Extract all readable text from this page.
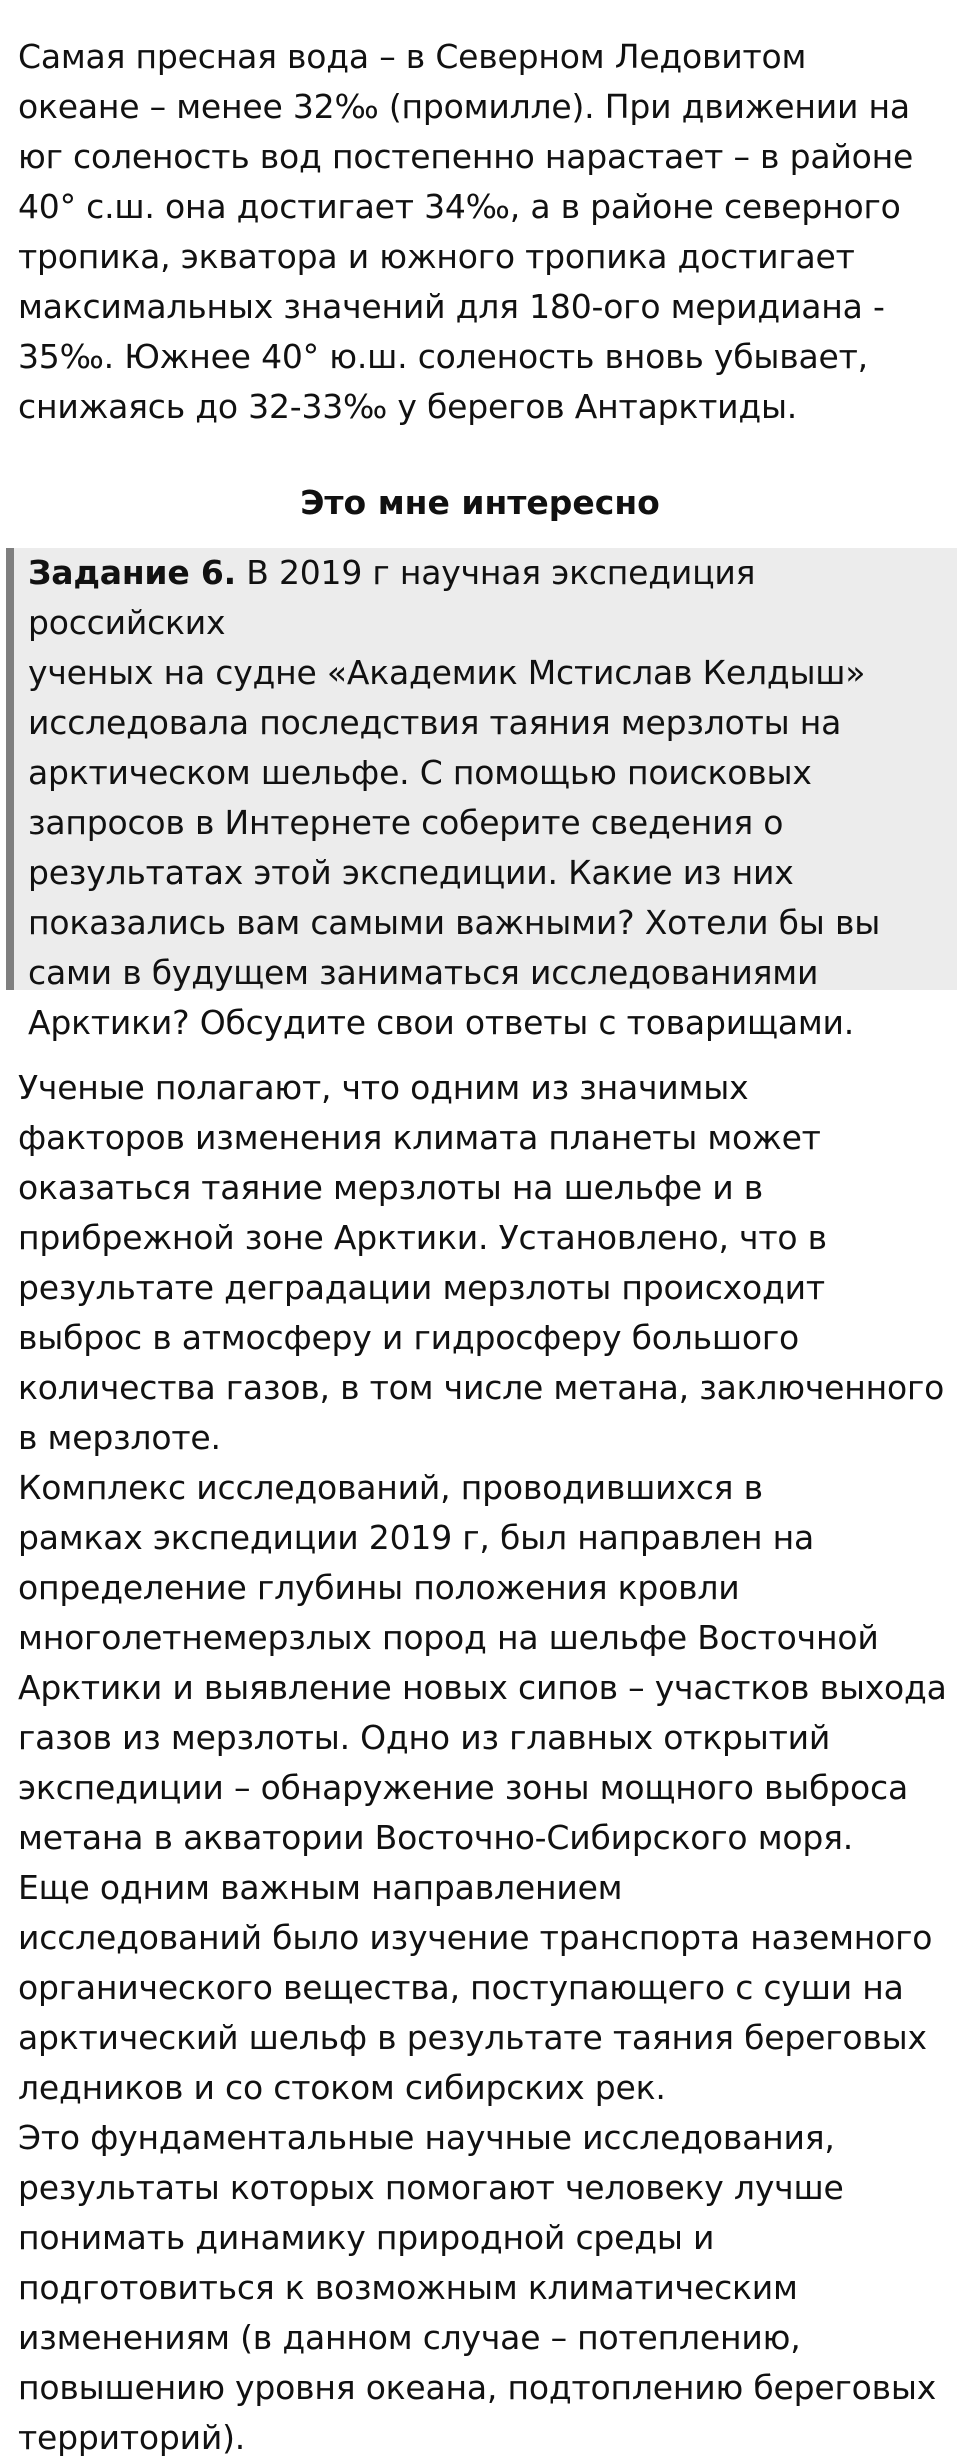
Самая пресная вода – в Северном Ледовитом
океане – менее 32‰ (промилле). При движении на
юг соленость вод постепенно нарастает – в районе
40° с.ш. она достигает 34‰, а в районе северного
тропика, экватора и южного тропика достигает
максимальных значений для 180-ого меридиана -
35‰. Южнее 40° ю.ш. соленость вновь убывает,
снижаясь до 32-33‰ у берегов Антарктиды.

Это мне интересно

Задание 6. В 2019 г научная экспедиция российских
ученых на судне «Академик Мстислав Келдыш»
исследовала последствия таяния мерзлоты на
арктическом шельфе. С помощью поисковых
запросов в Интернете соберите сведения о
результатах этой экспедиции. Какие из них
показались вам самыми важными? Хотели бы вы
сами в будущем заниматься исследованиями
Арктики? Обсудите свои ответы с товарищами.

Ученые полагают, что одним из значимых
факторов изменения климата планеты может
оказаться таяние мерзлоты на шельфе и в
прибрежной зоне Арктики. Установлено, что в
результате деградации мерзлоты происходит
выброс в атмосферу и гидросферу большого
количества газов, в том числе метана, заключенного
в мерзлоте.

Комплекс исследований, проводившихся в
рамках экспедиции 2019 г, был направлен на
определение глубины положения кровли
многолетнемерзлых пород на шельфе Восточной
Арктики и выявление новых сипов – участков выхода
газов из мерзлоты. Одно из главных открытий
экспедиции – обнаружение зоны мощного выброса
метана в акватории Восточно-Сибирского моря.

Еще одним важным направлением
исследований было изучение транспорта наземного
органического вещества, поступающего с суши на
арктический шельф в результате таяния береговых
ледников и со стоком сибирских рек.

Это фундаментальные научные исследования,
результаты которых помогают человеку лучше
понимать динамику природной среды и
подготовиться к возможным климатическим
изменениям (в данном случае – потеплению,
повышению уровня океана, подтоплению береговых
территорий).
